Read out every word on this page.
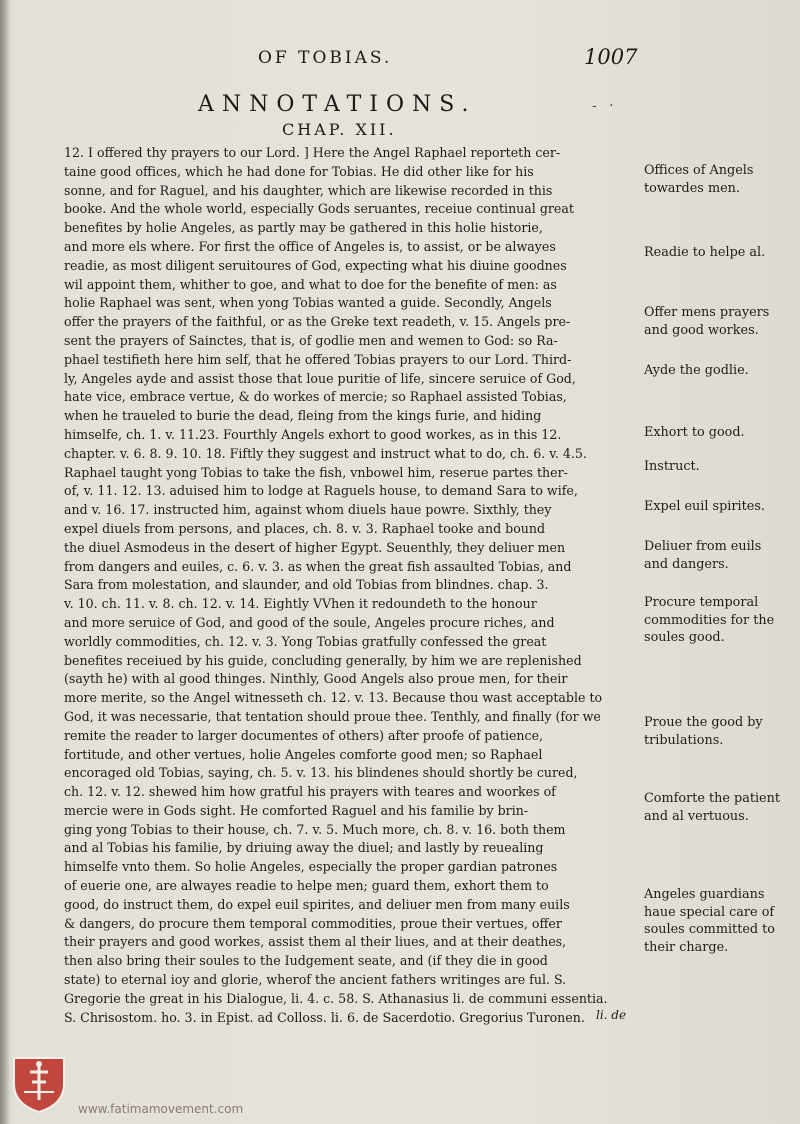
OF TOBIAS.	1007
ANNOTATIONS.	- ·
CHAP. XII.
12. I offered thy prayers to our Lord. ] Here the Angel Raphael reporteth cer-
taine good offices, which he had done for Tobias. He did other like for his
sonne, and for Raguel, and his daughter, which are likewise recorded in this
booke. And the whole world, especially Gods seruantes, receiue continual great
benefites by holie Angeles, as partly may be gathered in this holie historie,
and more els where. For first the office of Angeles is, to assist, or be alwayes
readie, as most diligent seruitoures of God, expecting what his diuine goodnes
wil appoint them, whither to goe, and what to doe for the benefite of men: as
holie Raphael was sent, when yong Tobias wanted a guide. Secondly, Angels
offer the prayers of the faithful, or as the Greke text readeth, v. 15. Angels pre-
sent the prayers of Sainctes, that is, of godlie men and wemen to God: so Ra-
phael testifieth here him self, that he offered Tobias prayers to our Lord. Third-
ly, Angeles ayde and assist those that loue puritie of life, sincere seruice of God,
hate vice, embrace vertue, & do workes of mercie; so Raphael assisted Tobias,
when he traueled to burie the dead, fleing from the kings furie, and hiding
himselfe, ch. 1. v. 11.23. Fourthly Angels exhort to good workes, as in this 12.
chapter. v. 6. 8. 9. 10. 18. Fiftly they suggest and instruct what to do, ch. 6. v. 4.5.
Raphael taught yong Tobias to take the fish, vnbowel him, reserue partes ther-
of, v. 11. 12. 13. aduised him to lodge at Raguels house, to demand Sara to wife,
and v. 16. 17. instructed him, against whom diuels haue powre. Sixthly, they
expel diuels from persons, and places, ch. 8. v. 3. Raphael tooke and bound
the diuel Asmodeus in the desert of higher Egypt. Seuenthly, they deliuer men
from dangers and euiles, c. 6. v. 3. as when the great fish assaulted Tobias, and
Sara from molestation, and slaunder, and old Tobias from blindnes. chap. 3.
v. 10. ch. 11. v. 8. ch. 12. v. 14. Eightly VVhen it redoundeth to the honour
and more seruice of God, and good of the soule, Angeles procure riches, and
worldly commodities, ch. 12. v. 3. Yong Tobias gratfully confessed the great
benefites receiued by his guide, concluding generally, by him we are replenished
(sayth he) with al good thinges. Ninthly, Good Angels also proue men, for their
more merite, so the Angel witnesseth ch. 12. v. 13. Because thou wast acceptable to
God, it was necessarie, that tentation should proue thee. Tenthly, and finally (for we
remite the reader to larger documentes of others) after proofe of patience,
fortitude, and other vertues, holie Angeles comforte good men; so Raphael
encoraged old Tobias, saying, ch. 5. v. 13. his blindenes should shortly be cured,
ch. 12. v. 12. shewed him how gratful his prayers with teares and woorkes of
mercie were in Gods sight. He comforted Raguel and his familie by brin-
ging yong Tobias to their house, ch. 7. v. 5. Much more, ch. 8. v. 16. both them
and al Tobias his familie, by driuing away the diuel; and lastly by reuealing
himselfe vnto them. So holie Angeles, especially the proper gardian patrones
of euerie one, are alwayes readie to helpe men; guard them, exhort them to
good, do instruct them, do expel euil spirites, and deliuer men from many euils
& dangers, do procure them temporal commodities, proue their vertues, offer
their prayers and good workes, assist them al their liues, and at their deathes,
then also bring their soules to the Iudgement seate, and (if they die in good
state) to eternal ioy and glorie, wherof the ancient fathers writinges are ful. S.
Gregorie the great in his Dialogue, li. 4. c. 58. S. Athanasius li. de communi essentia.
S. Chrisostom. ho. 3. in Epist. ad Colloss. li. 6. de Sacerdotio. Gregorius Turonen.
Offices of Angels towardes men.
Readie to helpe al.
Offer mens prayers and good workes.
Ayde the godlie.
Exhort to good.
Instruct.
Expel euil spirites.
Deliuer from euils and dangers.
Procure temporal commodities for the soules good.
Proue the good by tribulations.
Comforte the patient and al vertuous.
Angeles guardians haue special care of soules committed to their charge.
li. de
www.fatimamovement.com
